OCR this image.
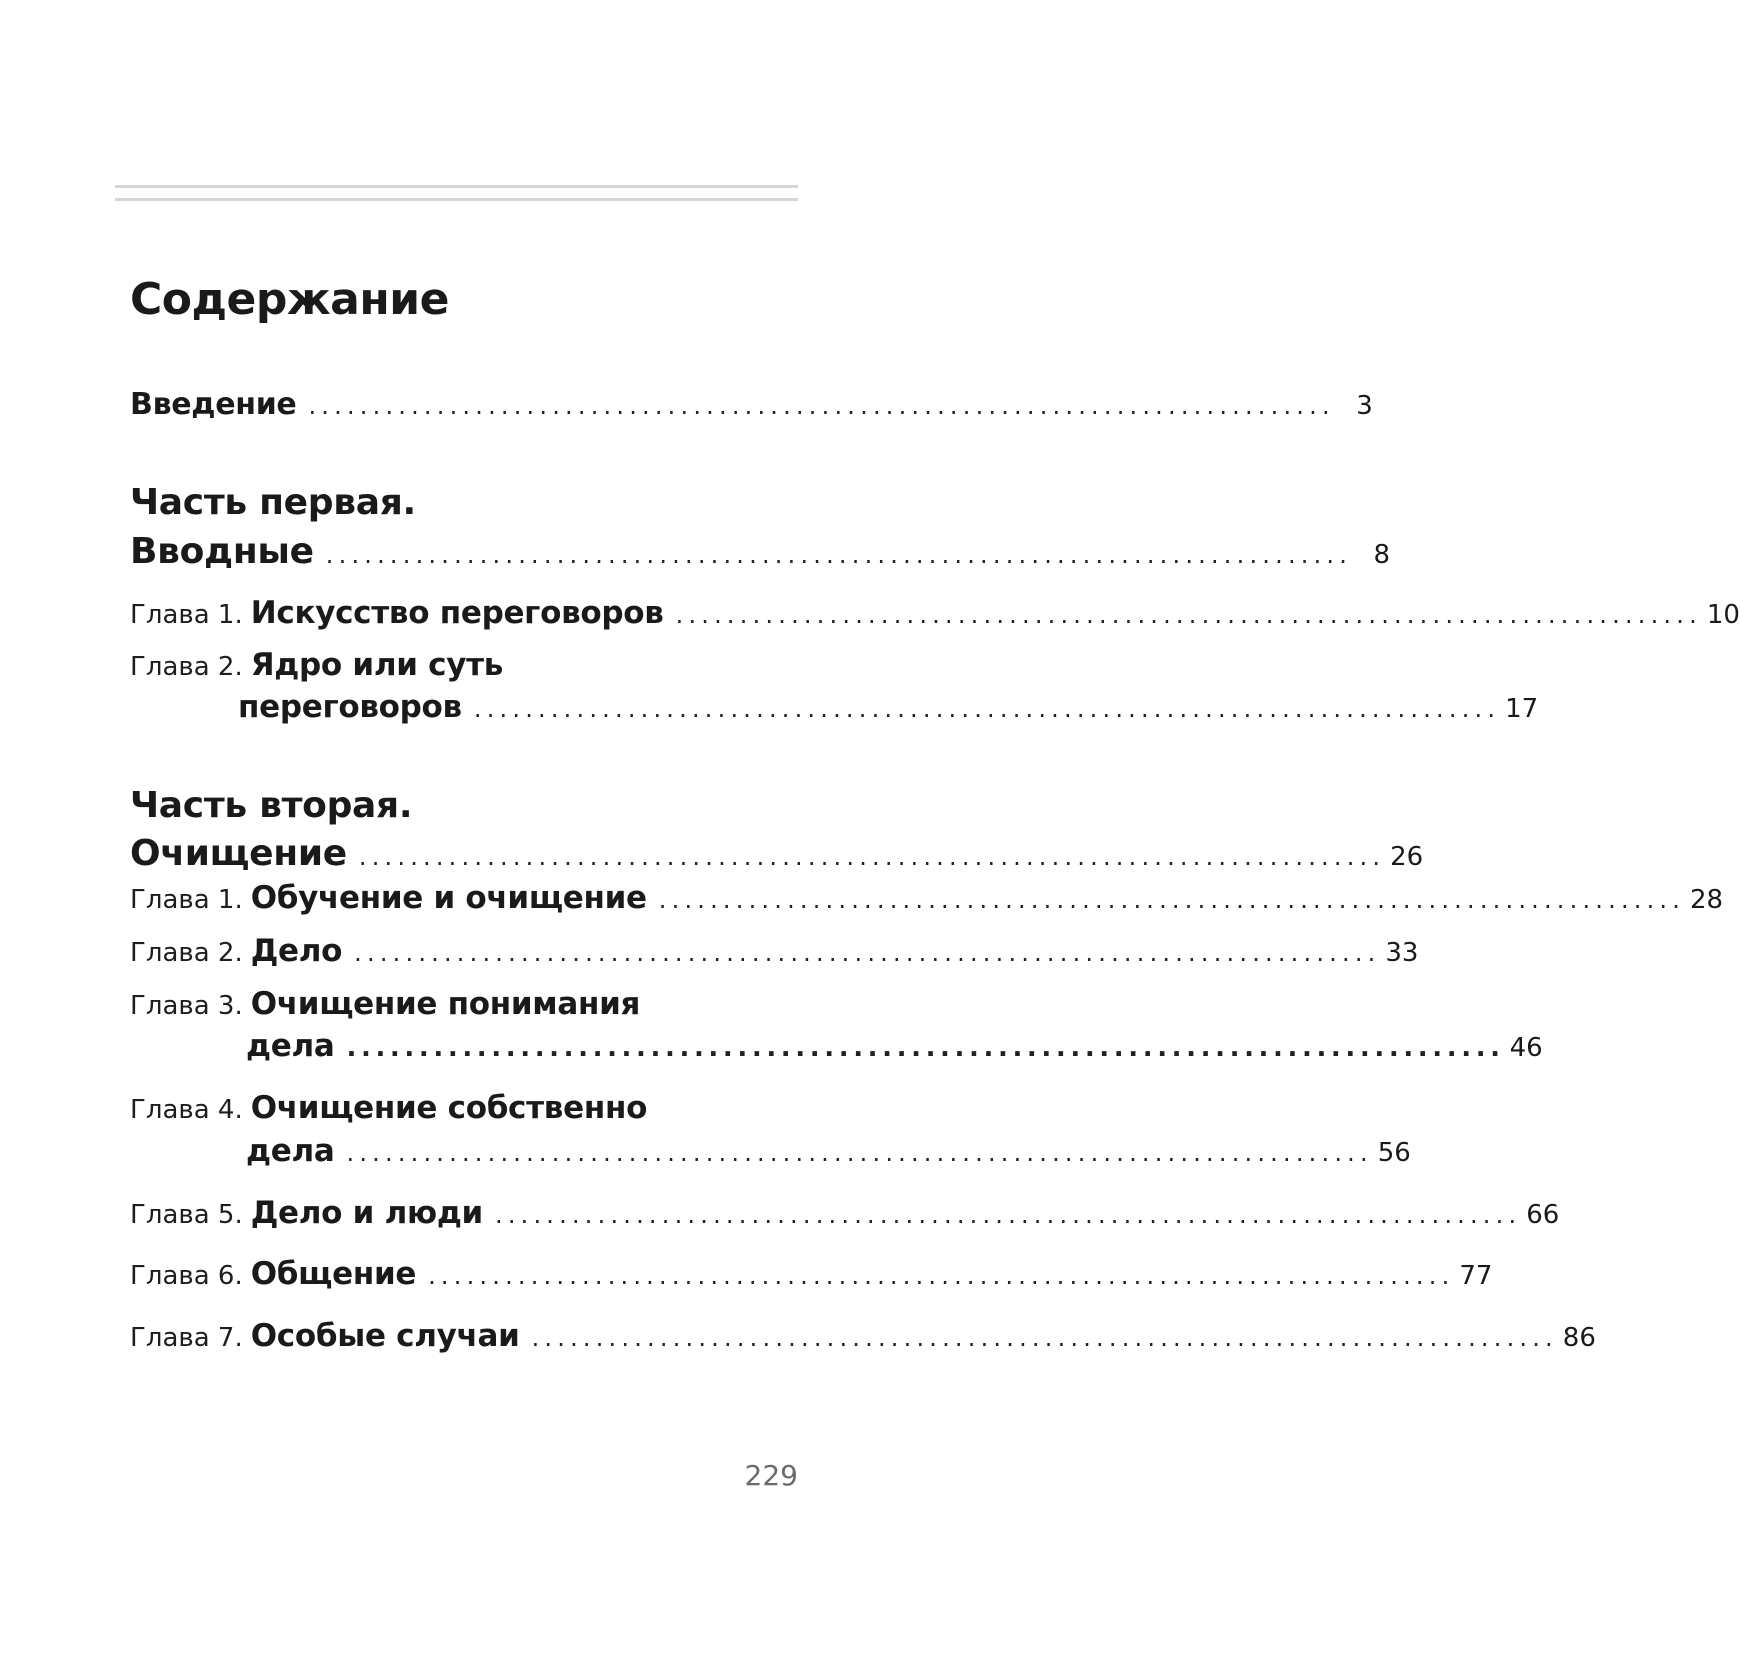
Содержание
Введение ................................................................................ 3
Часть первая.
Вводные ................................................................................ 8
Глава 1. Искусство переговоров ................................................................................ 10
Глава 2. Ядро или суть
переговоров ................................................................................ 17
Часть вторая.
Очищение ................................................................................ 26
Глава 1. Обучение и очищение ................................................................................ 28
Глава 2. Дело ................................................................................ 33
Глава 3. Очищение понимания
дела ................................................................................ 46
Глава 4. Очищение собственно
дела ................................................................................ 56
Глава 5. Дело и люди ................................................................................ 66
Глава 6. Общение ................................................................................ 77
Глава 7. Особые случаи ................................................................................ 86
229
